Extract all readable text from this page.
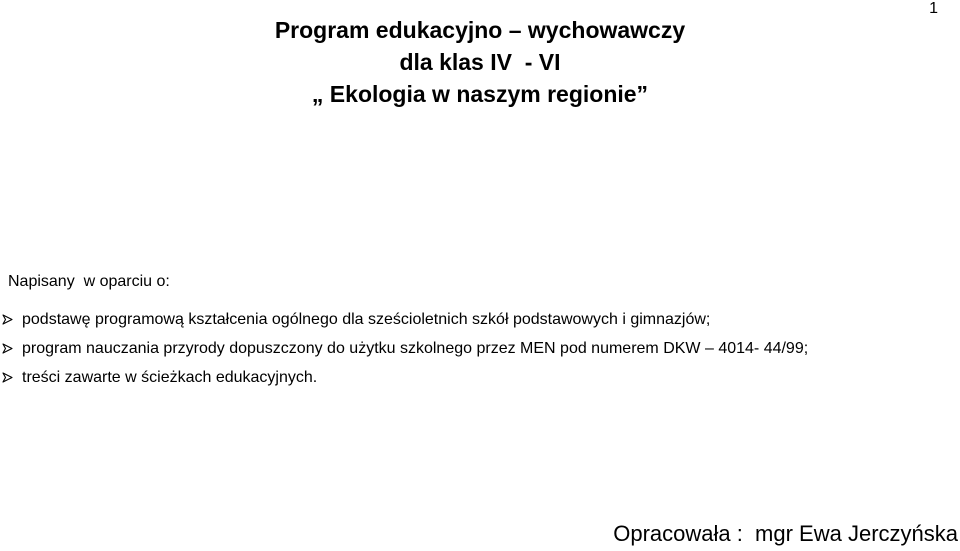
1
Program edukacyjno – wychowawczy
dla klas IV  - VI
„ Ekologia w naszym regionie”
Napisany  w oparciu o:
podstawę programową kształcenia ogólnego dla sześcioletnich szkół podstawowych i gimnazjów;
program nauczania przyrody dopuszczony do użytku szkolnego przez MEN pod numerem DKW – 4014- 44/99;
treści zawarte w ścieżkach edukacyjnych.
Opracowała :  mgr Ewa Jerczyńska
